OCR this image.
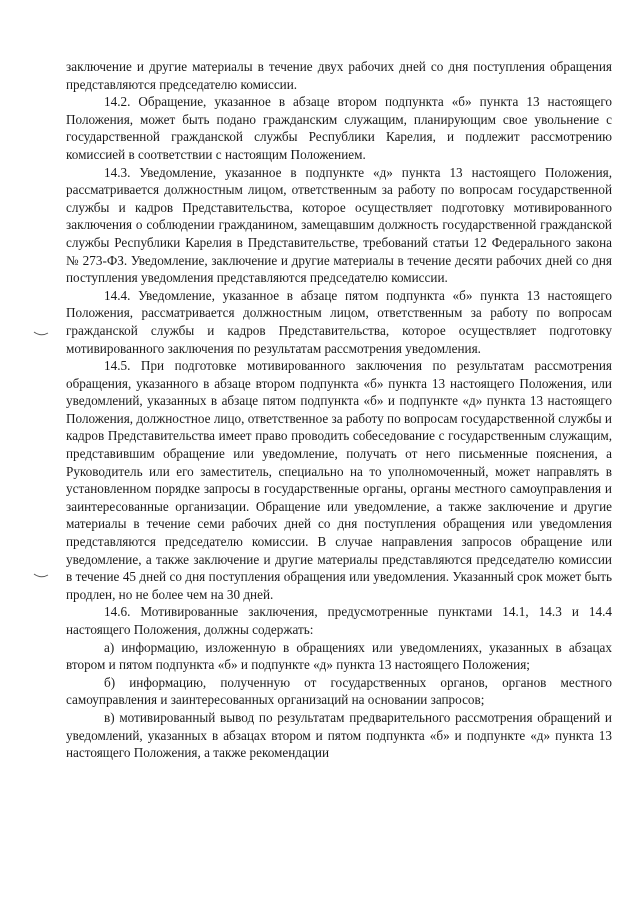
заключение и другие материалы в течение двух рабочих дней со дня поступления обращения представляются председателю комиссии.

14.2. Обращение, указанное в абзаце втором подпункта «б» пункта 13 настоящего Положения, может быть подано гражданским служащим, планирующим свое увольнение с государственной гражданской службы Республики Карелия, и подлежит рассмотрению комиссией в соответствии с настоящим Положением.

14.3. Уведомление, указанное в подпункте «д» пункта 13 настоящего Положения, рассматривается должностным лицом, ответственным за работу по вопросам государственной службы и кадров Представительства, которое осуществляет подготовку мотивированного заключения о соблюдении гражданином, замещавшим должность государственной гражданской службы Республики Карелия в Представительстве, требований статьи 12 Федерального закона № 273-ФЗ. Уведомление, заключение и другие материалы в течение десяти рабочих дней со дня поступления уведомления представляются председателю комиссии.

14.4. Уведомление, указанное в абзаце пятом подпункта «б» пункта 13 настоящего Положения, рассматривается должностным лицом, ответственным за работу по вопросам гражданской службы и кадров Представительства, которое осуществляет подготовку мотивированного заключения по результатам рассмотрения уведомления.

14.5. При подготовке мотивированного заключения по результатам рассмотрения обращения, указанного в абзаце втором подпункта «б» пункта 13 настоящего Положения, или уведомлений, указанных в абзаце пятом подпункта «б» и подпункте «д» пункта 13 настоящего Положения, должностное лицо, ответственное за работу по вопросам государственной службы и кадров Представительства имеет право проводить собеседование с государственным служащим, представившим обращение или уведомление, получать от него письменные пояснения, а Руководитель или его заместитель, специально на то уполномоченный, может направлять в установленном порядке запросы в государственные органы, органы местного самоуправления и заинтересованные организации. Обращение или уведомление, а также заключение и другие материалы в течение семи рабочих дней со дня поступления обращения или уведомления представляются председателю комиссии. В случае направления запросов обращение или уведомление, а также заключение и другие материалы представляются председателю комиссии в течение 45 дней со дня поступления обращения или уведомления. Указанный срок может быть продлен, но не более чем на 30 дней.

14.6. Мотивированные заключения, предусмотренные пунктами 14.1, 14.3 и 14.4 настоящего Положения, должны содержать:

а) информацию, изложенную в обращениях или уведомлениях, указанных в абзацах втором и пятом подпункта «б» и подпункте «д» пункта 13 настоящего Положения;

б) информацию, полученную от государственных органов, органов местного самоуправления и заинтересованных организаций на основании запросов;

в) мотивированный вывод по результатам предварительного рассмотрения обращений и уведомлений, указанных в абзацах втором и пятом подпункта «б» и подпункте «д» пункта 13 настоящего Положения, а также рекомендации
